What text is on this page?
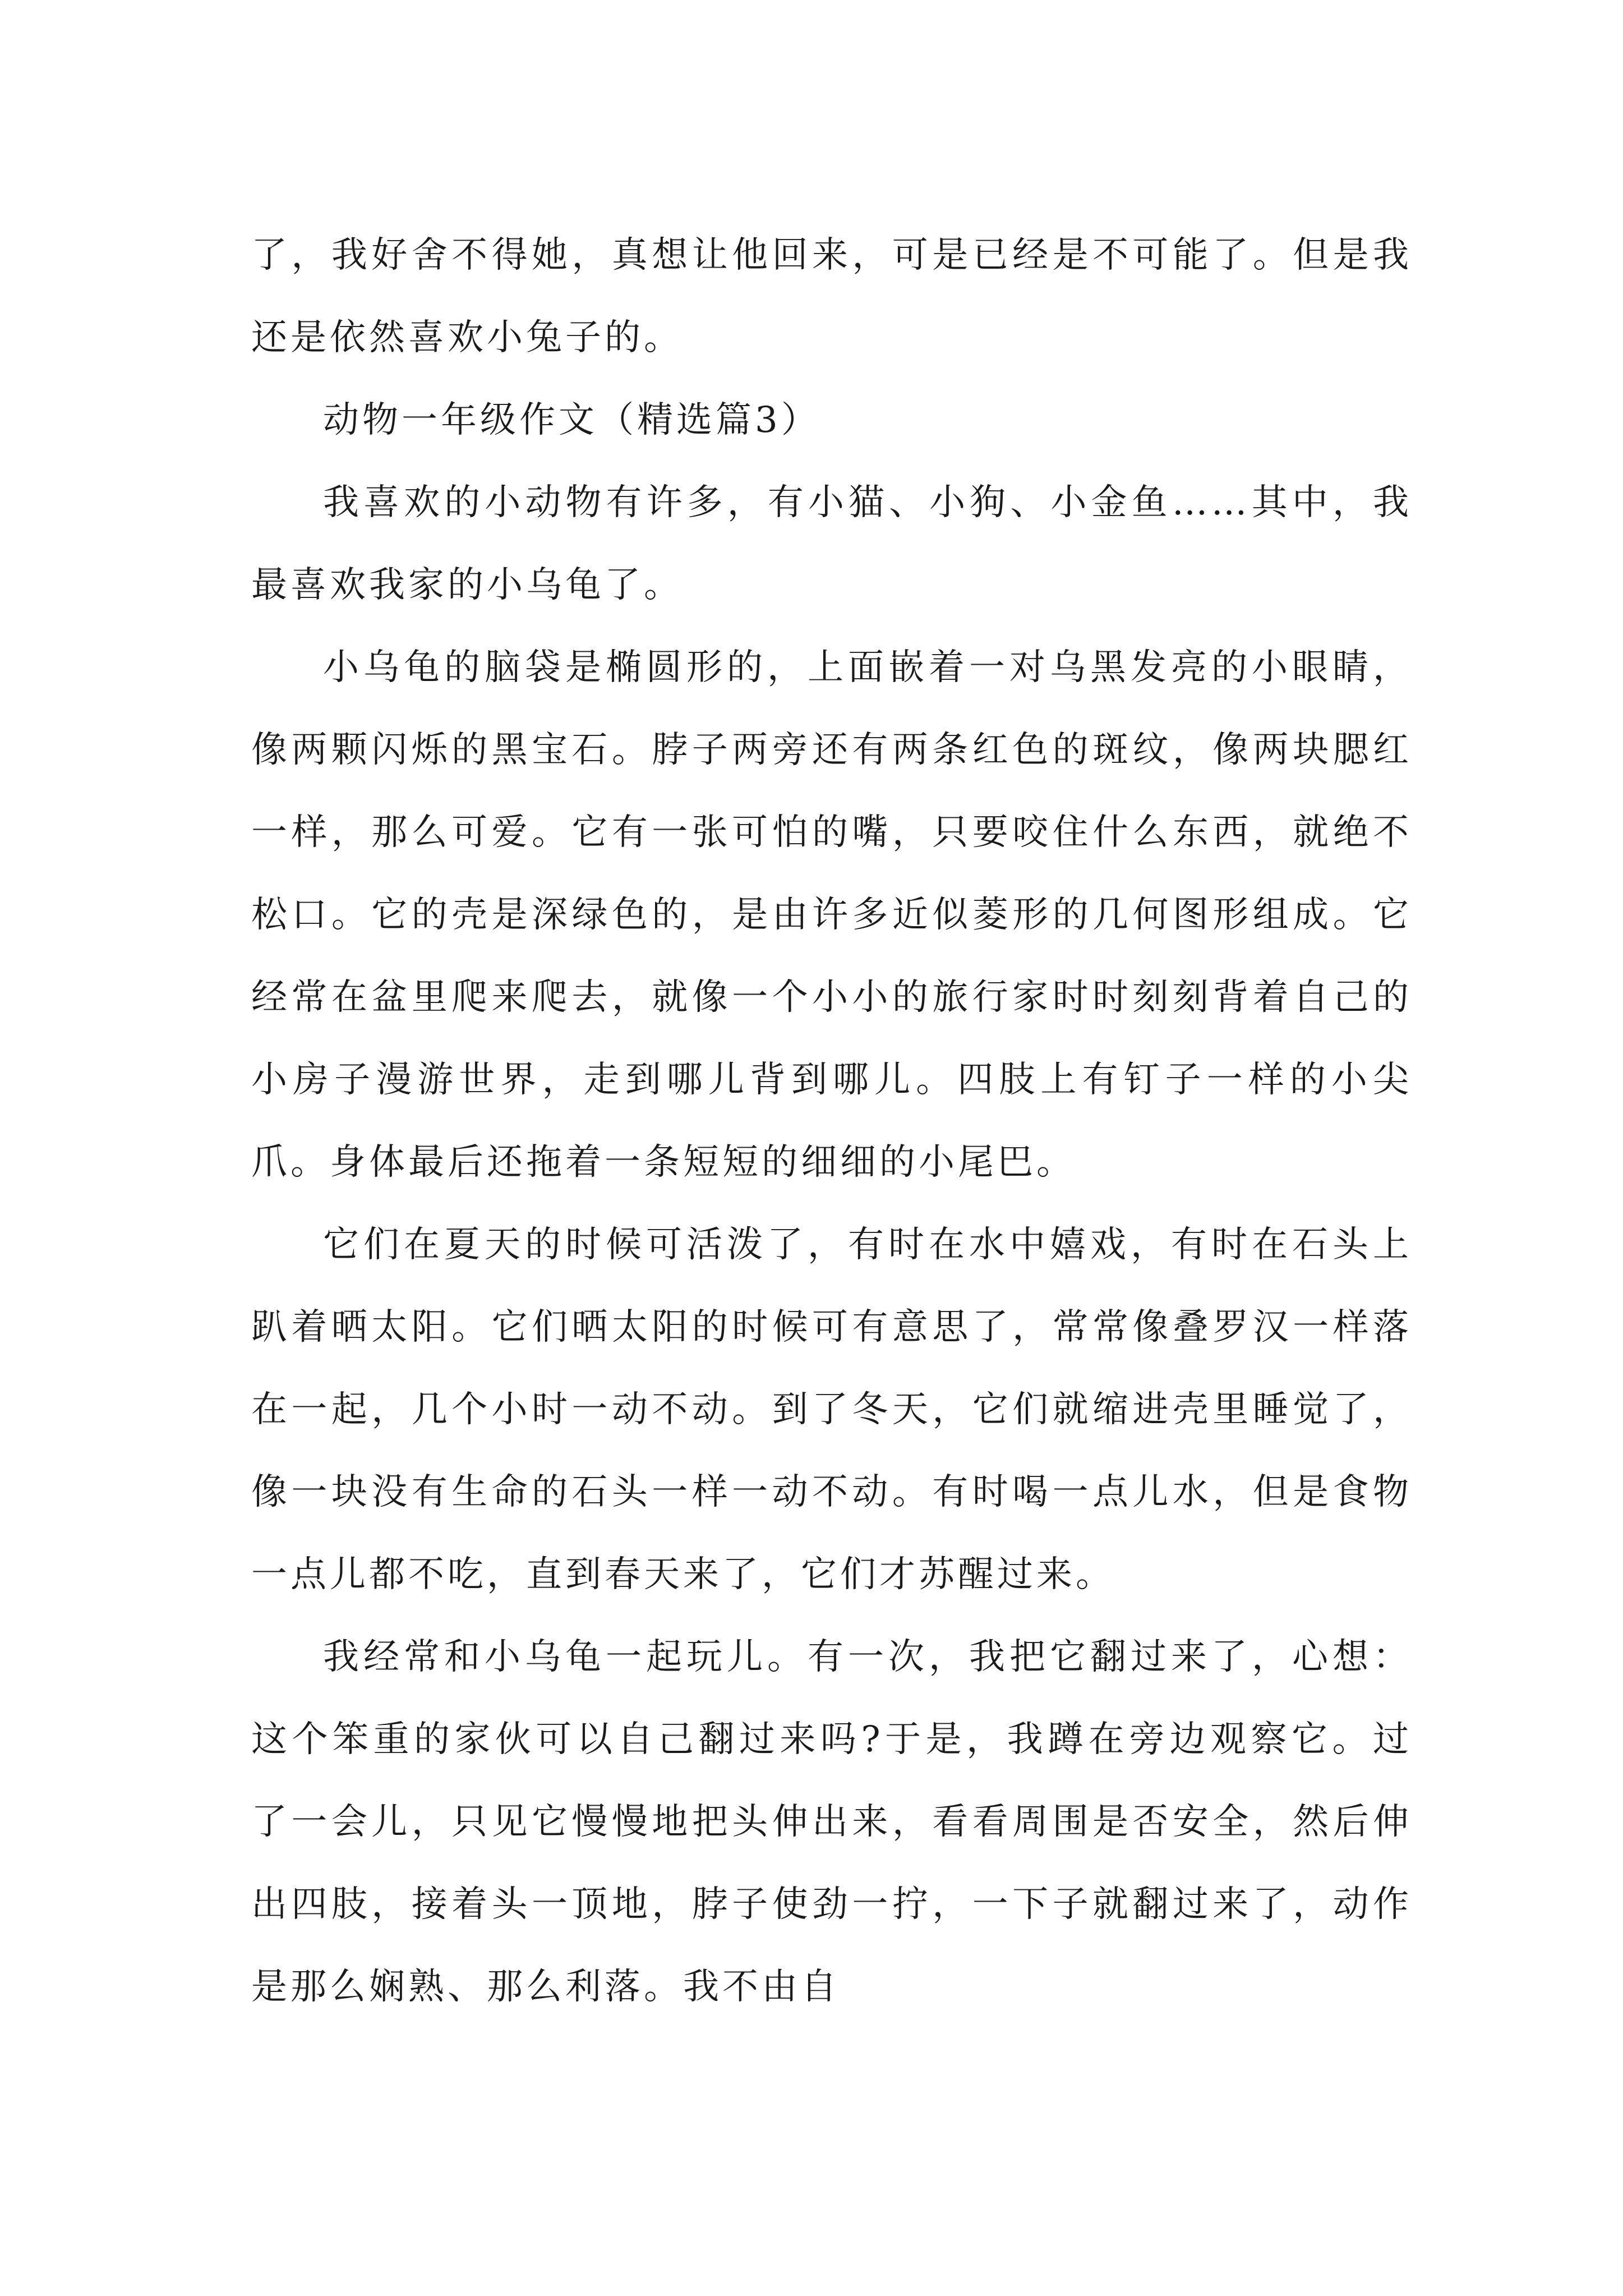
了，我好舍不得她，真想让他回来，可是已经是不可能了。但是我还是依然喜欢小兔子的。

动物一年级作文（精选篇3）

我喜欢的小动物有许多，有小猫、小狗、小金鱼……其中，我最喜欢我家的小乌龟了。

小乌龟的脑袋是椭圆形的，上面嵌着一对乌黑发亮的小眼睛，像两颗闪烁的黑宝石。脖子两旁还有两条红色的斑纹，像两块腮红一样，那么可爱。它有一张可怕的嘴，只要咬住什么东西，就绝不松口。它的壳是深绿色的，是由许多近似菱形的几何图形组成。它经常在盆里爬来爬去，就像一个小小的旅行家时时刻刻背着自己的小房子漫游世界，走到哪儿背到哪儿。四肢上有钉子一样的小尖爪。身体最后还拖着一条短短的细细的小尾巴。

它们在夏天的时候可活泼了，有时在水中嬉戏，有时在石头上趴着晒太阳。它们晒太阳的时候可有意思了，常常像叠罗汉一样落在一起，几个小时一动不动。到了冬天，它们就缩进壳里睡觉了，像一块没有生命的石头一样一动不动。有时喝一点儿水，但是食物一点儿都不吃，直到春天来了，它们才苏醒过来。

我经常和小乌龟一起玩儿。有一次，我把它翻过来了，心想：这个笨重的家伙可以自己翻过来吗?于是，我蹲在旁边观察它。过了一会儿，只见它慢慢地把头伸出来，看看周围是否安全，然后伸出四肢，接着头一顶地，脖子使劲一拧，一下子就翻过来了，动作是那么娴熟、那么利落。我不由自
